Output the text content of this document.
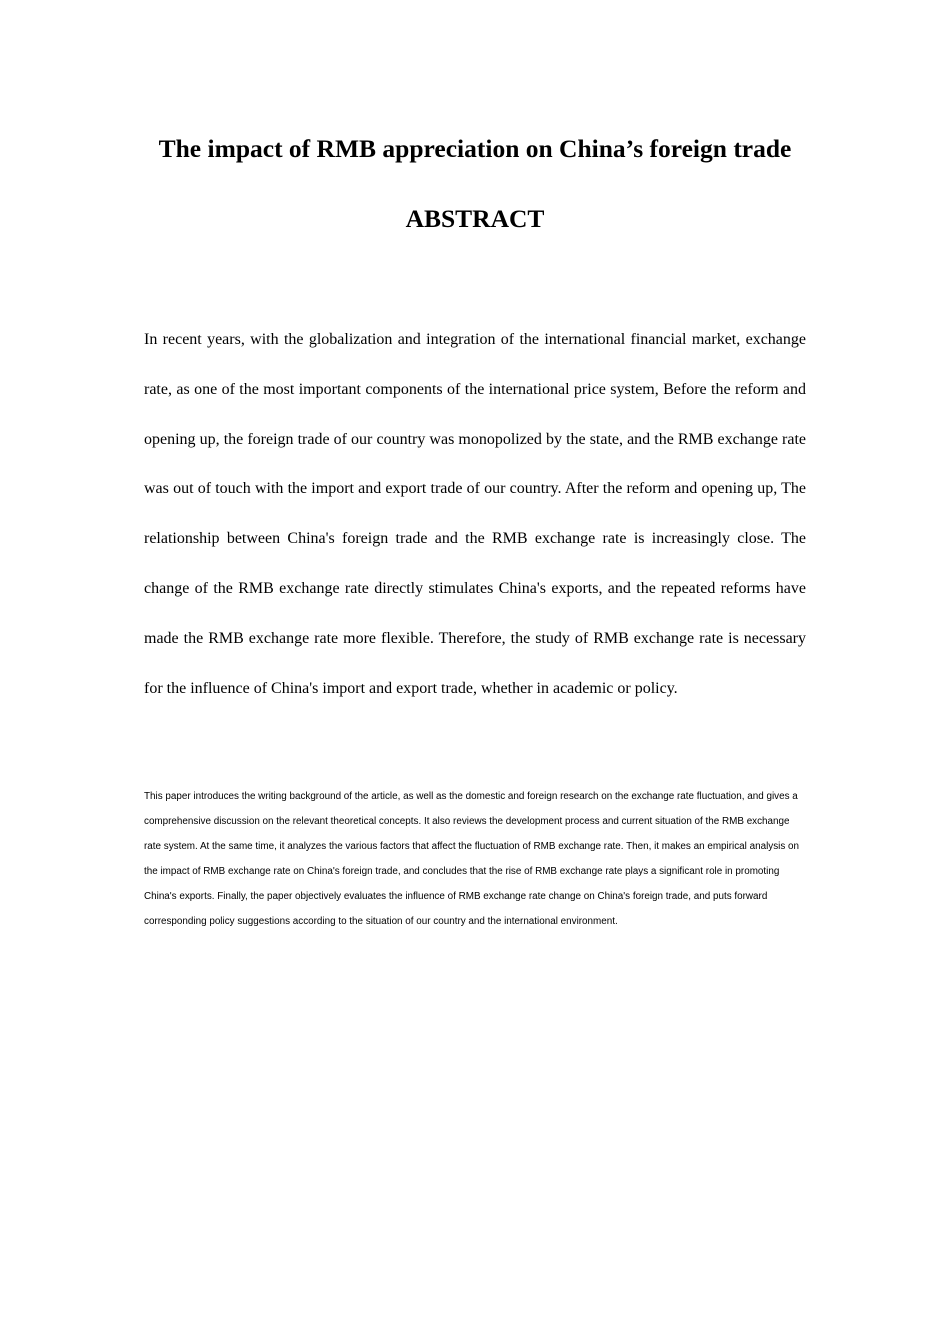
The impact of RMB appreciation on China’s foreign trade
ABSTRACT

In recent years, with the globalization and integration of the international financial market, exchange rate, as one of the most important components of the international price system, Before the reform and opening up, the foreign trade of our country was monopolized by the state, and the RMB exchange rate was out of touch with the import and export trade of our country. After the reform and opening up, The relationship between China's foreign trade and the RMB exchange rate is increasingly close. The change of the RMB exchange rate directly stimulates China's exports, and the repeated reforms have made the RMB exchange rate more flexible. Therefore, the study of RMB exchange rate is necessary for the influence of China's import and export trade, whether in academic or policy.

This paper introduces the writing background of the article, as well as the domestic and foreign research on the exchange rate fluctuation, and gives a comprehensive discussion on the relevant theoretical concepts. It also reviews the development process and current situation of the RMB exchange rate system. At the same time, it analyzes the various factors that affect the fluctuation of RMB exchange rate. Then, it makes an empirical analysis on the impact of RMB exchange rate on China's foreign trade, and concludes that the rise of RMB exchange rate plays a significant role in promoting China's exports. Finally, the paper objectively evaluates the influence of RMB exchange rate change on China's foreign trade, and puts forward corresponding policy suggestions according to the situation of our country and the international environment.
